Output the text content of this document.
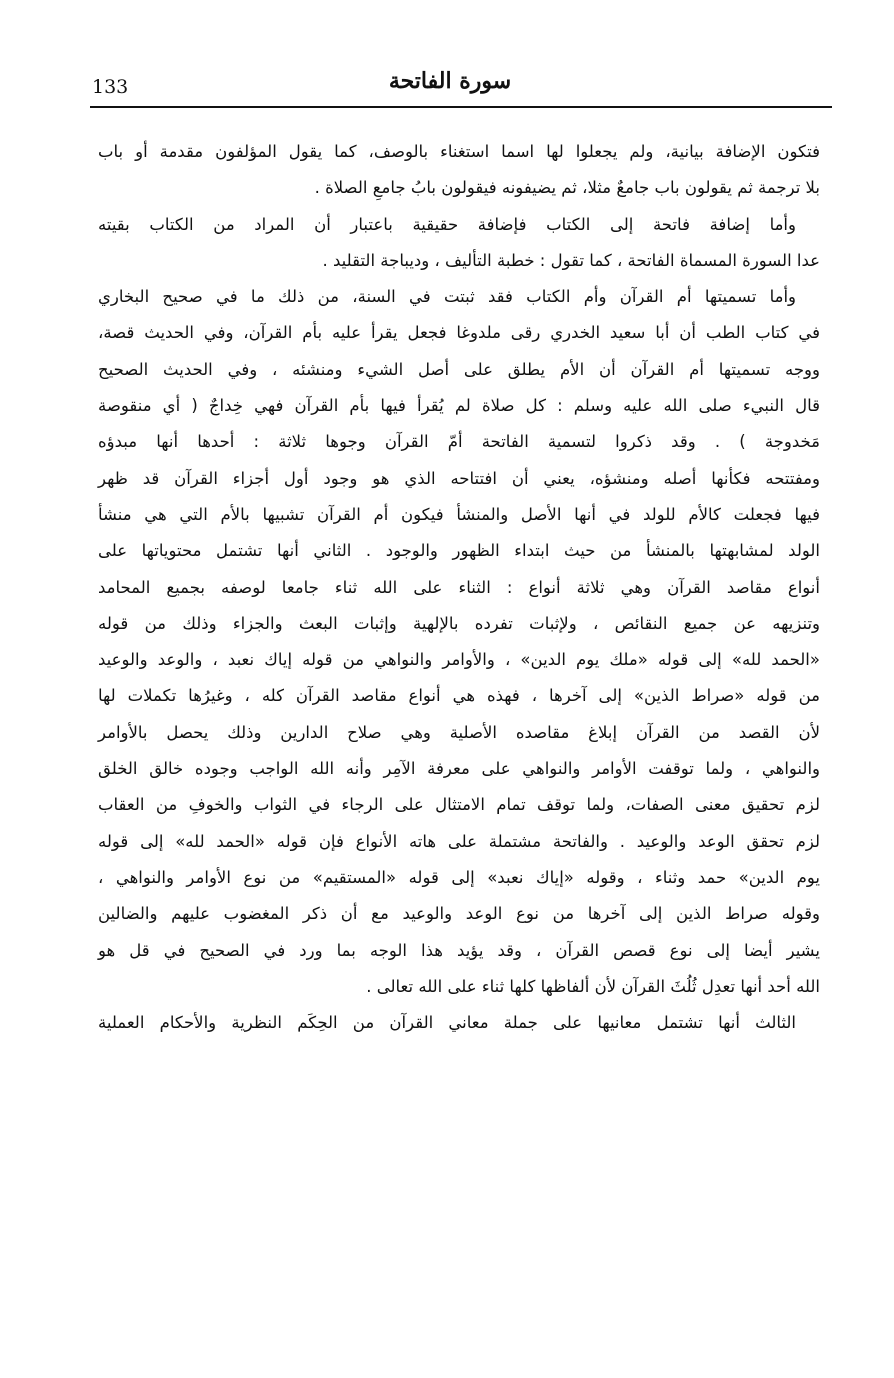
133	سورة الفاتحة
فتكون الإضافة بيانية، ولم يجعلوا لها اسما استغناء بالوصف، كما يقول المؤلفون مقدمة أو باب
بلا ترجمة ثم يقولون باب جامعٌ مثلا، ثم يضيفونه فيقولون بابُ جامعِ الصلاة .
وأما إضافة فاتحة إلى الكتاب فإضافة حقيقية باعتبار أن المراد من الكتاب بقيته
عدا السورة المسماة الفاتحة ، كما تقول : خطبة التأليف ، وديباجة التقليد .
وأما تسميتها أم القرآن وأم الكتاب فقد ثبتت في السنة، من ذلك ما في صحيح البخاري
في كتاب الطب أن أبا سعيد الخدري رقى ملدوغا فجعل يقرأ عليه بأم القرآن، وفي الحديث قصة،
ووجه تسميتها أم القرآن أن الأم يطلق على أصل الشيء ومنشئه ، وفي الحديث الصحيح
قال النبيء صلى الله عليه وسلم : كل صلاة لم يُقرأ فيها بأم القرآن فهي خِداجٌ ( أي منقوصة
مَخدوجة ) . وقد ذكروا لتسمية الفاتحة أمّ القرآن وجوها ثلاثة : أحدها أنها مبدؤه
ومفتتحه فكأنها أصله ومنشؤه، يعني أن افتتاحه الذي هو وجود أول أجزاء القرآن قد ظهر
فيها فجعلت كالأم للولد في أنها الأصل والمنشأ فيكون أم القرآن تشبيها بالأم التي هي منشأ
الولد لمشابهتها بالمنشأ من حيث ابتداء الظهور والوجود . الثاني أنها تشتمل محتوياتها على
أنواع مقاصد القرآن وهي ثلاثة أنواع : الثناء على الله ثناء جامعا لوصفه بجميع المحامد
وتنزيهه عن جميع النقائص ، ولإثبات تفرده بالإلهية وإثبات البعث والجزاء وذلك من قوله
«الحمد لله» إلى قوله «ملك يوم الدين» ، والأوامر والنواهي من قوله إياك نعبد ، والوعد والوعيد
من قوله «صراط الذين» إلى آخرها ، فهذه هي أنواع مقاصد القرآن كله ، وغيرُها تكملات لها
لأن القصد من القرآن إبلاغ مقاصده الأصلية وهي صلاح الدارين وذلك يحصل بالأوامر
والنواهي ، ولما توقفت الأوامر والنواهي على معرفة الآمِر وأنه الله الواجب وجوده خالق الخلق
لزم تحقيق معنى الصفات، ولما توقف تمام الامتثال على الرجاء في الثواب والخوفِ من العقاب
لزم تحقق الوعد والوعيد . والفاتحة مشتملة على هاته الأنواع فإن قوله «الحمد لله» إلى قوله
يوم الدين» حمد وثناء ، وقوله «إياك نعبد» إلى قوله «المستقيم» من نوع الأوامر والنواهي ،
وقوله صراط الذين إلى آخرها من نوع الوعد والوعيد مع أن ذكر المغضوب عليهم والضالين
يشير أيضا إلى نوع قصص القرآن ، وقد يؤيد هذا الوجه بما ورد في الصحيح في قل هو
الله أحد أنها تعدِل ثُلُثَ القرآن لأن ألفاظها كلها ثناء على الله تعالى .
الثالث أنها تشتمل معانيها على جملة معاني القرآن من الحِكَم النظرية والأحكام العملية
